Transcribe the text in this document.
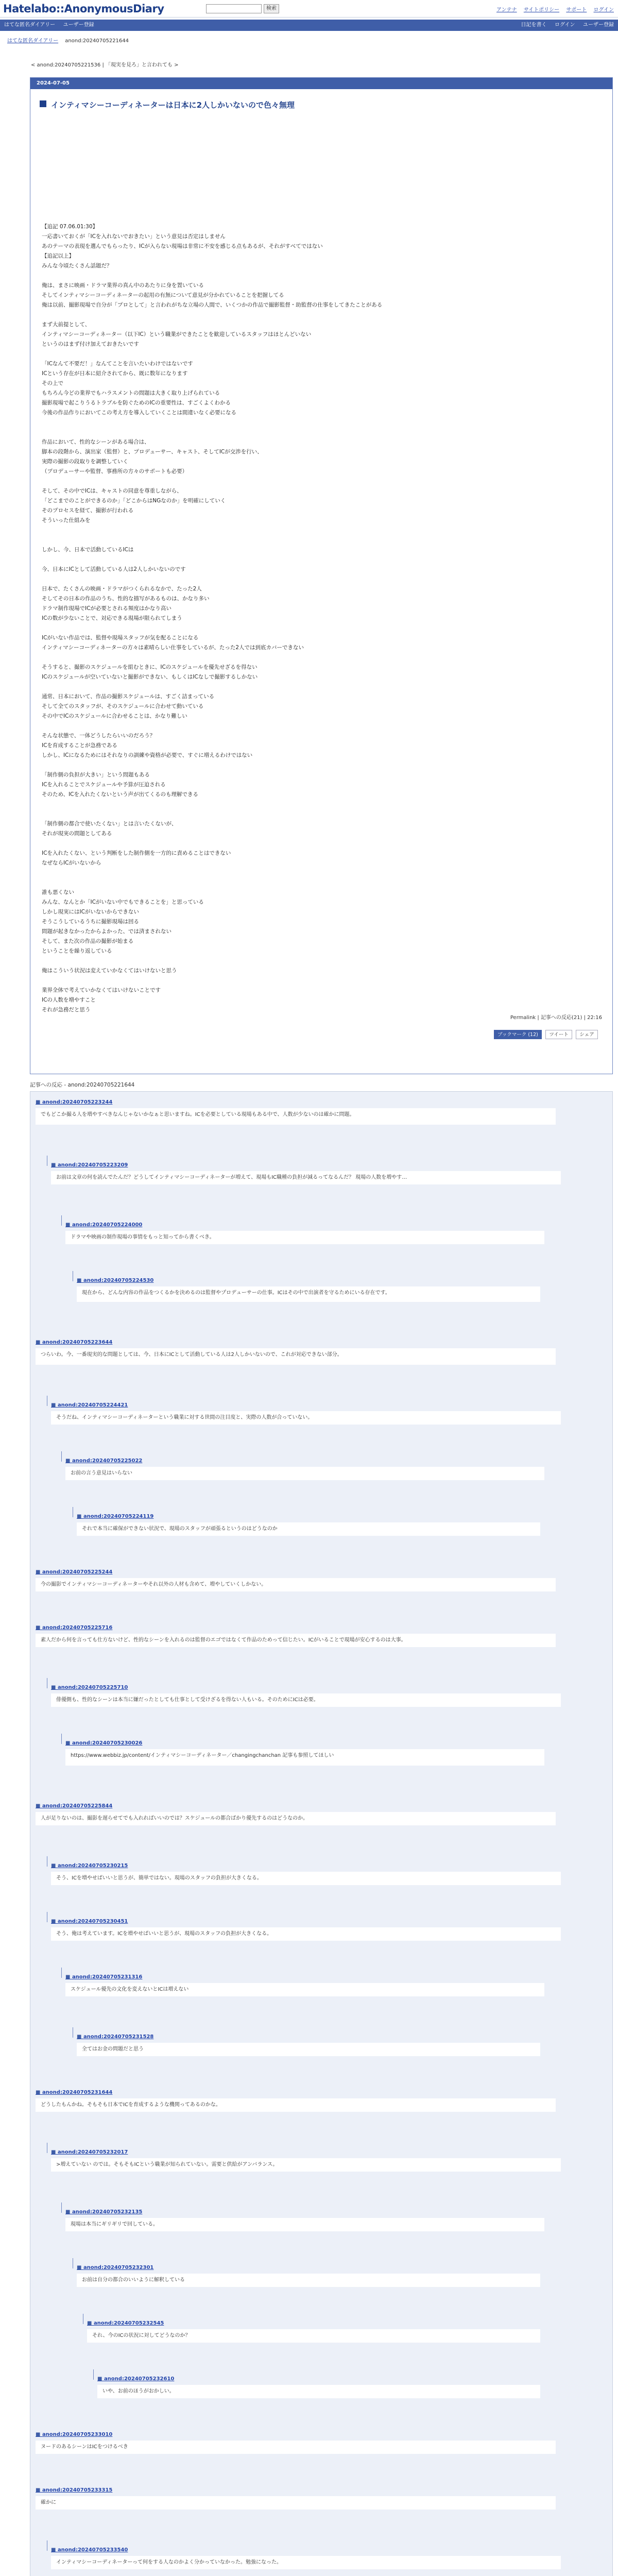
Hatelabo::AnonymousDiary	検索	アンテナ サイトポリシー サポート ログイン
はてな匿名ダイアリー ユーザー登録	日記を書く ログイン ユーザー登録
はてな匿名ダイアリー anond:20240705221644
< anond:20240705221536 | 「現実を見ろ」と言われても >
2024-07-05
インティマシーコーディネーターは日本に2人しかいないので色々無理
【追記 07.06.01:30】
一応書いておくが「ICを入れないでおきたい」という意見は否定はしません
あのテーマの表現を選んでもらったり、ICが入らない現場は非常に不安を感じる点もあるが、それがすべてではない
【追記以上】
みんな今頃たくさん話題だ？

俺は、まさに映画・ドラマ業界の真ん中のあたりに身を置いている
そしてインティマシーコーディネーターの起用の有無について意見が分かれていることを把握してる
俺は以前、撮影現場で自分が「プロとして」と言われがちな立場の人間で、いくつかの作品で撮影監督・助監督の仕事をしてきたことがある

まず大前提として、
インティマシーコーディネーター（以下IC）という職業ができたことを歓迎しているスタッフはほとんどいない
というのはまず付け加えておきたいです

「ICなんて不要だ！」なんてことを言いたいわけではないです
ICという存在が日本に紹介されてから、既に数年になります
その上で
もちろん今どの業界でもハラスメントの問題は大きく取り上げられている
撮影現場で起こりうるトラブルを防ぐためのICの重要性は、すごくよくわかる
今後の作品作りにおいてこの考え方を導入していくことは間違いなく必要になる

作品において、性的なシーンがある場合は、
脚本の段階から、演出家（監督）と、プロデューサー、キャスト、そしてICが交渉を行い、
実際の撮影の段取りを調整していく
（プロデューサーや監督、事務所の方々のサポートも必要）

そして、その中でICは、キャストの同意を尊重しながら、
「どこまでのことができるのか」「どこからはNGなのか」を明確にしていく
そのプロセスを経て、撮影が行われる
そういった仕組みを

しかし、今、日本で活動しているICは

今、日本にICとして活動している人は2人しかいないのです

日本で、たくさんの映画・ドラマがつくられるなかで、たった2人
そしてその日本の作品のうち、性的な描写があるものは、かなり多い
ドラマ制作現場でICが必要とされる頻度はかなり高い
ICの数が少ないことで、対応できる現場が限られてしまう

ICがいない作品では、監督や現場スタッフが気を配ることになる
インティマシーコーディネーターの方々は素晴らしい仕事をしているが、たった2人では到底カバーできない

そうすると、撮影のスケジュールを組むときに、ICのスケジュールを優先せざるを得ない
ICのスケジュールが空いていないと撮影ができない、もしくはICなしで撮影するしかない

通常、日本において、作品の撮影スケジュールは、すごく詰まっている
そして全てのスタッフが、そのスケジュールに合わせて動いている
その中でICのスケジュールに合わせることは、かなり難しい

そんな状態で、一体どうしたらいいのだろう？
ICを育成することが急務である
しかし、ICになるためにはそれなりの訓練や資格が必要で、すぐに増えるわけではない

「制作側の負担が大きい」という問題もある
ICを入れることでスケジュールや予算が圧迫される
そのため、ICを入れたくないという声が出てくるのも理解できる

「制作側の都合で使いたくない」とは言いたくないが、
それが現実の問題としてある

ICを入れたくない、という判断をした制作側を一方的に責めることはできない
なぜならICがいないから

誰も悪くない
みんな、なんとか「ICがいない中でもできることを」と思っている
しかし現実にはICがいないからできない
そうこうしているうちに撮影現場は回る
問題が起きなかったからよかった、では済まされない
そして、また次の作品の撮影が始まる
ということを繰り返している

俺はこういう状況は変えていかなくてはいけないと思う

業界全体で考えていかなくてはいけないことです
ICの人数を増やすこと
それが急務だと思う
Permalink | 記事への反応(21) | 22:16
ブックマーク (12) ツイート シェア
記事への反応 - anond:20240705221644
■ anond:20240705223244
でもどこか撮る人を増やすべきなんじゃないかなぁと思いますね。ICを必要としている現場もある中で、人数が少ないのは確かに問題。
■ anond:20240705223209
お前は文章の何を読んでたんだ？どうしてインティマシーコーディネーターが増えて、現場もIC職種の負担が減るってなるんだ？ 現場の人数を増やす…
■ anond:20240705224000
ドラマや映画の制作現場の事情をもっと知ってから書くべき。
■ anond:20240705224530
現在から、どんな内容の作品をつくるかを決めるのは監督やプロデューサーの仕事。ICはその中で出演者を守るためにいる存在です。
■ anond:20240705223644
つらいわ。今、一番現実的な問題としては、今、日本にICとして活動している人は2人しかいないので、これが対応できない部分。
■ anond:20240705224421
そうだね、インティマシーコーディネーターという職業に対する世間の注目度と、実際の人数が合っていない。
■ anond:20240705225022
お前の言う意見はいらない
■ anond:20240705224119
それで本当に確保ができない状況で、現場のスタッフが頑張るというのはどうなのか
■ anond:20240705225244
今の撮影でインティマシーコーディネーターやそれ以外の人材も含めて、増やしていくしかない。
■ anond:20240705225716
素人だから何を言っても仕方ないけど、性的なシーンを入れるのは監督のエゴではなくて作品のためって信じたい。ICがいることで現場が安心するのは大事。
■ anond:20240705225710
俳優側も、性的なシーンは本当に嫌だったとしても仕事として受けざるを得ない人もいる。そのためにICは必要。
■ anond:20240705230026
https://www.webbiz.jp/content/インティマシーコーディネーター／changingchanchan 記事も参照してほしい
■ anond:20240705225844
人が足りないのは、撮影を遅らせてでも入れればいいのでは？スケジュールの都合ばかり優先するのはどうなのか。
■ anond:20240705230215
そう、ICを増やせばいいと思うが、簡単ではない。現場のスタッフの負担が大きくなる。
■ anond:20240705230451
そう、俺は考えています。ICを増やせばいいと思うが、現場のスタッフの負担が大きくなる。
■ anond:20240705231316
スケジュール優先の文化を変えないとICは増えない
■ anond:20240705231528
全てはお金の問題だと思う
■ anond:20240705231644
どうしたもんかね。そもそも日本でICを育成するような機関ってあるのかな。
■ anond:20240705232017
>増えていない のでは。そもそもICという職業が知られていない。需要と供給がアンバランス。
■ anond:20240705232135
現場は本当にギリギリで回している。
■ anond:20240705232301
お前は自分の都合のいいように解釈している
■ anond:20240705232545
それ、今のICの状況に対してどうなのか？
■ anond:20240705232610
いや、お前のほうがおかしい。
■ anond:20240705233010
ヌードのあるシーンはICをつけるべき
■ anond:20240705233315
確かに
■ anond:20240705233540
インティマシーコーディネーターって何をする人なのかよく分かっていなかった。勉強になった。
